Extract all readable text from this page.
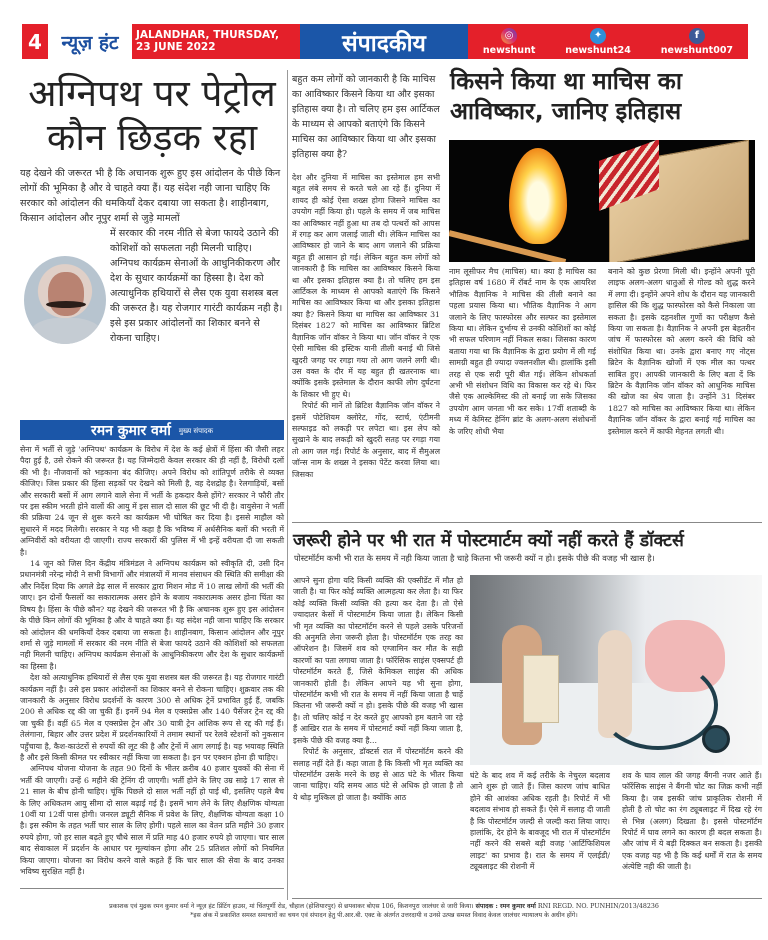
4	न्यूज़ हंट	JALANDHAR, THURSDAY,
23 JUNE 2022	संपादकीय	◎
newshunt
✦
newshunt24
f
newshunt007
अग्निपथ पर पेट्रोल कौन छिड़क रहा
यह देखने की जरूरत भी है कि अचानक शुरू हुए इस आंदोलन के पीछे किन लोगों की भूमिका है और वे चाहते क्या हैं। यह संदेश नही जाना चाहिए कि सरकार को आंदोलन की धमकियाँ देकर दबाया जा सकता है। शाहीनबाग, किसान आंदोलन और नूपुर शर्मा से जुड़े मामलों
में सरकार की नरम नीति से बेजा फायदे उठाने की कोशिशों को सफलता नही मिलनी चाहिए। अग्निपथ कार्यक्रम सेनाओं के आधुनिकीकरण और देश के सुधार कार्यक्रमों का हिस्सा है। देश को अत्याधुनिक हथियारों से लैस एक युवा सशस्त्र बल की जरूरत है। यह रोजगार गारंटी कार्यक्रम नही है। इसे इस प्रकार आंदोलनों का शिकार बनने से रोकना चाहिए।
रमन कुमार वर्मा मुख्य संपादक

सेना में भर्ती से जुड़े 'अग्निपथ' कार्यक्रम के विरोध में देश के कई क्षेत्रों में हिंसा की जैसी लहर पैदा हुई है, उसे रोकने की जरूरत है। यह जिम्मेदारी केवल सरकार की ही नहीं है, विरोधी दलों की भी है। नौजवानों को भड़काना बंद कीजिए। अपने विरोध को शांतिपूर्ण तरीके से व्यक्त कीजिए। जिस प्रकार की हिंसा सड़कों पर देखने को मिली है, वह देशद्रोह है। रेलगाड़ियों, बसों और सरकारी बसों में आग लगाने वाले सेना में भर्ती के हकदार कैसे होंगे? सरकार ने फौरी तौर पर इस स्कीम भरती होने वालों की आयु में इस साल दो साल की छूट भी दी है। वायुसेना ने भर्ती की प्रक्रिया 24 जून से शुरू करने का कार्यक्रम भी घोषित कर दिया है। इससे माहौल को सुधारने में मदद मिलेगी। सरकार ने यह भी कहा है कि भविष्य में अर्धसैनिक बलों की भरती में अग्निवीरों को वरीयता दी जाएगी। राज्य सरकारों की पुलिस में भी इन्हें वरीयता दी जा सकती है।

14 जून को जिस दिन केंद्रीय मंत्रिमंडल ने अग्निपथ कार्यक्रम को स्वीकृति दी, उसी दिन प्रधानमंत्री नरेन्द्र मोदी ने सभी विभागों और मंत्रालयों में मानव संसाधन की स्थिति की समीक्षा की और निर्देश दिया कि अगले डेढ़ साल में सरकार द्वारा मिशन मोड में 10 लाख लोगों की भर्ती की जाए। इन दोनों फैसलों का सकारात्मक असर होने के बजाय नकारात्मक असर होना चिंता का विषय है। हिंसा के पीछे कौन? यह देखने की जरूरत भी है कि अचानक शुरू हुए इस आंदोलन के पीछे किन लोगों की भूमिका है और वे चाहते क्या हैं। यह संदेश नही जाना चाहिए कि सरकार को आंदोलन की धमकियाँ देकर दबाया जा सकता है। शाहीनबाग, किसान आंदोलन और नूपुर शर्मा से जुड़े मामलों में सरकार की नरम नीति से बेजा फायदे उठाने की कोशिशों को सफलता नही मिलनी चाहिए। अग्निपथ कार्यक्रम सेनाओं के आधुनिकीकरण और देश के सुधार कार्यक्रमों का हिस्सा है।

देश को अत्याधुनिक हथियारों से लैस एक युवा सशस्त्र बल की जरूरत है। यह रोजगार गारंटी कार्यक्रम नहीं है। उसे इस प्रकार आंदोलनों का शिकार बनने से रोकना चाहिए। शुक्रवार तक की जानकारी के अनुसार विरोध प्रदर्शनों के कारण 300 से अधिक ट्रेनें प्रभावित हुई हैं, जबकि 200 से अधिक रद्द की जा चुकी हैं। इनमें 94 मेल व एक्सप्रेस और 140 पैसेंजर ट्रेन रद्द की जा चुकी हैं। वहीं 65 मेल व एक्सप्रेस ट्रेन और 30 यात्री ट्रेन आंशिक रूप से रद्द की गई हैं। तेलंगाना, बिहार और उत्तर प्रदेश में प्रदर्शनकारियों ने तमाम स्थानों पर रेलवे स्टेशनों को नुकसान पहुँचाया है, कैश-काउंटरों से रुपयों की लूट की है और ट्रेनों में आग लगाई है। यह भयावह स्थिति है और इसे किसी कीमत पर स्वीकार नहीं किया जा सकता है। इन पर एक्शन होना ही चाहिए।

अग्निपथ योजना योजना के तहत 90 दिनों के भीतर क्ररीब 40 हजार युवकों की सेना में भर्ती की जाएगी। उन्हें 6 महीने की ट्रेनिंग दी जाएगी। भर्ती होने के लिए उम्र साढ़े 17 साल से 21 साल के बीच होनी चाहिए। चूंकि पिछले दो साल भर्ती नहीं हो पाई थी, इसलिए पहले बैच के लिए अधिकतम आयु सीमा दो साल बढ़ाई गई है। इसमें भाग लेने के लिए शैक्षणिक योग्यता 10वीं या 12वीं पास होगी। जनरल ड्यूटी सैनिक में प्रवेश के लिए, शैक्षणिक योग्यता कक्षा 10 है। इस स्कीम के तहत भर्ती चार साल के लिए होगी। पहले साल का वेतन प्रति महीने 30 हजार रुपये होगा, जो हर साल बढ़ते हुए चौथे साल में प्रति माह 40 हजार रुपये हो जाएगा। चार साल बाद सेवाकाल में प्रदर्शन के आधार पर मूल्यांकन होगा और 25 प्रतिशत लोगों को नियमित किया जाएगा। योजना का विरोध करने वाले कहते हैं कि चार साल की सेवा के बाद उनका भविष्य सुरक्षित नहीं है।

बहुत कम लोगों को जानकारी है कि माचिस का आविष्कार किसने किया था और इसका इतिहास क्या है। तो चलिए हम इस आर्टिकल के माध्यम से आपको बताएंगे कि किसने माचिस का आविष्कार किया था और इसका इतिहास क्या है?

देश और दुनिया में माचिस का इस्तेमाल हम सभी बहुत लंबे समय से करते चले आ रहे हैं। दुनिया में शायद ही कोई ऐसा शख्स होगा जिसने माचिस का उपयोग नहीं किया हो। पहले के समय में जब माचिस का आविष्कार नहीं हुआ था तब दो पत्थरों को आपस में रगड़ कर आग जलाई जाती थी। लेकिन माचिस का आविष्कार हो जाने के बाद आग जलाने की प्रक्रिया बहुत ही आसान हो गई। लेकिन बहुत कम लोगों को जानकारी है कि माचिस का आविष्कार किसने किया था और इसका इतिहास क्या है। तो चलिए हम इस आर्टिकल के माध्यम से आपको बताएंगे कि किसने माचिस का आविष्कार किया था और इसका इतिहास क्या है? किसने किया था माचिस का आविष्कार 31 दिसंबर 1827 को माचिस का आविष्कार ब्रिटिश वैज्ञानिक जॉन वॉकर ने किया था। जॉन वॉकर ने एक ऐसी माचिस की इस्टिक यानी तीली बनाई थी जिसे खुदरी जगह पर रगड़ा गया तो आग जलने लगी थी। उस वक्त के दौर में यह बहुत ही खतरनाक था। क्योंकि इसके इस्तेमाल के दौरान काफी लोग दुर्घटना के शिकार भी हुए थे।

रिपोर्ट की मानें तो ब्रिटिश वैज्ञानिक जॉन वॉकर ने इसमें पोटेशियम क्लोरेट, गोंद, स्टार्च, एंटीमनी सल्फाइड को लकड़ी पर लपेटा था। इस लेप को सुखाने के बाद लकड़ी को खुदरी सतह पर रगड़ा गया तो आग जल गई। रिपोर्ट के अनुसार, बाद में सैमुअल जॉन्स नाम के शख्स ने इसका पेटेंट करवा लिया था। जिसका

किसने किया था माचिस का आविष्कार, जानिए इतिहास
नाम लूसीफर मैच (माचिस) था। क्या है माचिस का इतिहास वर्ष 1680 में रॉबर्ट नाम के एक आयरिश भौतिक वैज्ञानिक ने माचिस की तीली बनाने का पहला प्रयास किया था। भौतिक वैज्ञानिक ने आग जलाने के लिए फास्फोरस और सल्फर का इस्तेमाल किया था। लेकिन दुर्भाग्य से उनकी कोशिशों का कोई भी सफल परिणाम नहीं निकल सका। जिसका कारण बताया गया था कि वैज्ञानिक के द्वारा प्रयोग में ली गई सामग्री बहुत ही ज्यादा ज्वलनशील थी। हालांकि इसी तरह से एक सदी पूरी बीत गई। लेकिन शोधकर्ता अभी भी संशोधन विधि का विकास कर रहे थे। फिर जैसे एक आल्केमिस्ट की तो बनाई जा सके जिसका उपयोग आम जनता भी कर सके। 17वीं शताब्दी के मध्य में केमिस्ट हेनिंग ब्रांट के अलग-अलग संशोधनों के जरिए शोधी भैया
बनाने को कुछ प्रेरणा मिली थी। इन्होंने अपनी पूरी लाइफ अलग-अलग धातुओं से गोल्ड को शुद्ध करने में लगा दी। इन्होंने अपने शोध के दौरान यह जानकारी हासिल की कि शुद्ध फास्फोरस को कैसे निकाला जा सकता है। इसके दहनशील गुणों का परीक्षण कैसे किया जा सकता है। वैज्ञानिक ने अपनी इस बेहतरीन जांच में फास्फोरस को अलग करने की विधि को संशोधित किया था। उनके द्वारा बनाए गए नोट्स ब्रिटेन के वैज्ञानिक खोजों में एक मील का पत्थर साबित हुए। आपकी जानकारी के लिए बता दें कि ब्रिटेन के वैज्ञानिक जॉन वॉकर को आधुनिक माचिस की खोज का श्रेय जाता है। उन्होंने 31 दिसंबर 1827 को माचिस का आविष्कार किया था। लेकिन वैज्ञानिक जॉन वॉकर के द्वारा बनाई गई माचिस का इस्तेमाल करने में काफी मेहनत लगती थी।
जरूरी होने पर भी रात में पोस्टमार्टम क्यों नहीं करते हैं डॉक्टर्स
पोस्टमॉर्टम कभी भी रात के समय में नही किया जाता है चाहे कितना भी जरूरी क्यों न हो। इसके पीछे की वजह भी खास है।

आपने सुना होगा यदि किसी व्यक्ति की एक्सीडेंट में मौत हो जाती है। या फिर कोई व्यक्ति आत्महत्या कर लेता है। या फिर कोई व्यक्ति किसी व्यक्ति की हत्या कर देता है। तो ऐसे ज्यादातर केसों में पोस्टमार्टम किया जाता है। लेकिन किसी भी मृत व्यक्ति का पोस्टमॉर्टम करने से पहले उसके परिजनों की अनुमति लेना जरूरी होता है। पोस्टमॉर्टम एक तरह का ऑपरेशन है। जिसमें शव को एग्जामिन कर मौत के सही कारणों का पता लगाया जाता है। फॉरेंसिक साइंस एक्सपर्ट ही पोस्टमॉर्टम करते हैं, जिसे केमिकल साइंस की अधिक जानकारी होती है। लेकिन आपने यह भी सुना होगा, पोस्टमॉर्टम कभी भी रात के समय में नहीं किया जाता है चाहें कितना भी जरूरी क्यों न हो। इसके पीछे की वजह भी खास है। तो चलिए कोई न देर करते हुए आपको हम बताने जा रहे हैं आखिर रात के समय में पोस्टमार्ट क्यों नहीं किया जाता है, इसके पीछे की वजह क्या है...

रिपोर्ट के अनुसार, डॉक्टर्स रात में पोस्टमॉर्टम करने की सलाह नहीं देते हैं। कहा जाता है कि किसी भी मृत व्यक्ति का पोस्टमॉर्टम उसके मरने के छह से आठ घंटे के भीतर किया जाना चाहिए। यदि समय आठ घंटे से अधिक हो जाता है तो ये थोड़ मुश्किल हो जाता है। क्योंकि आठ

घंटे के बाद शव में कई तरीके के नेचुरल बदलाव आने शुरू हो जाते हैं। जिस कारण जांच बाधित होने की आशंका अधिक रहती है। रिपोर्ट में भी बदलाव संभाव हो सकते हैं। ऐसे में सलाह दी जाती है कि पोस्टमॉर्टम जल्दी से जल्दी करा लिया जाए। हालांकि, देर होने के बावजूद भी रात में पोस्टमॉर्टम नहीं करने की सबसे बड़ी वजह 'आर्टिफिशियल लाइट' का प्रभाव है। रात के समय में एलईडी/ट्यूबलाइट की रोशनी में
शव के घाव लाल की जगह बैंगनी नजर आते हैं। फॉरेंसिक साइंस ने बैंगनी चोट का जिक्र कभी नहीं किया है। जब इसकी जांच प्राकृतिक रोशनी में होती है तो चोट का रंग ट्यूबलाइट में दिख रहे रंग से भिन्न (अलग) दिखता है। इससे पोस्टमॉर्टम रिपोर्ट में घाव लगने का कारण ही बदल सकता है। और जांच में ये बड़ी दिक्कत बन सकता है। इसकी एक वजह यह भी है कि कई धर्मों में रात के समय अंत्येष्टि नही की जाती है।
प्रकाशक एवं मुद्रक रमन कुमार वर्मा ने न्यूज़ हंट प्रिंटिंग हाउस, मां चिंतपूर्णी रोड, चौहाल (होशियारपुर) से छपवाकर बोएस 106, किशनपुरा जालंधर से जारी किया। संपादक : रमन कुमार वर्मा RNI REGD. NO. PUNHIN/2013/48236
*इस अंक में प्रकाशित समस्त समाचारों का चयन एवं संपादन हेतु पी.आर.बी. एक्ट के अंतर्गत उत्तरदायी व उनसे उत्पन्न समस्त विवाद केवल जालंधर न्यायालय के अधीन होंगे।
